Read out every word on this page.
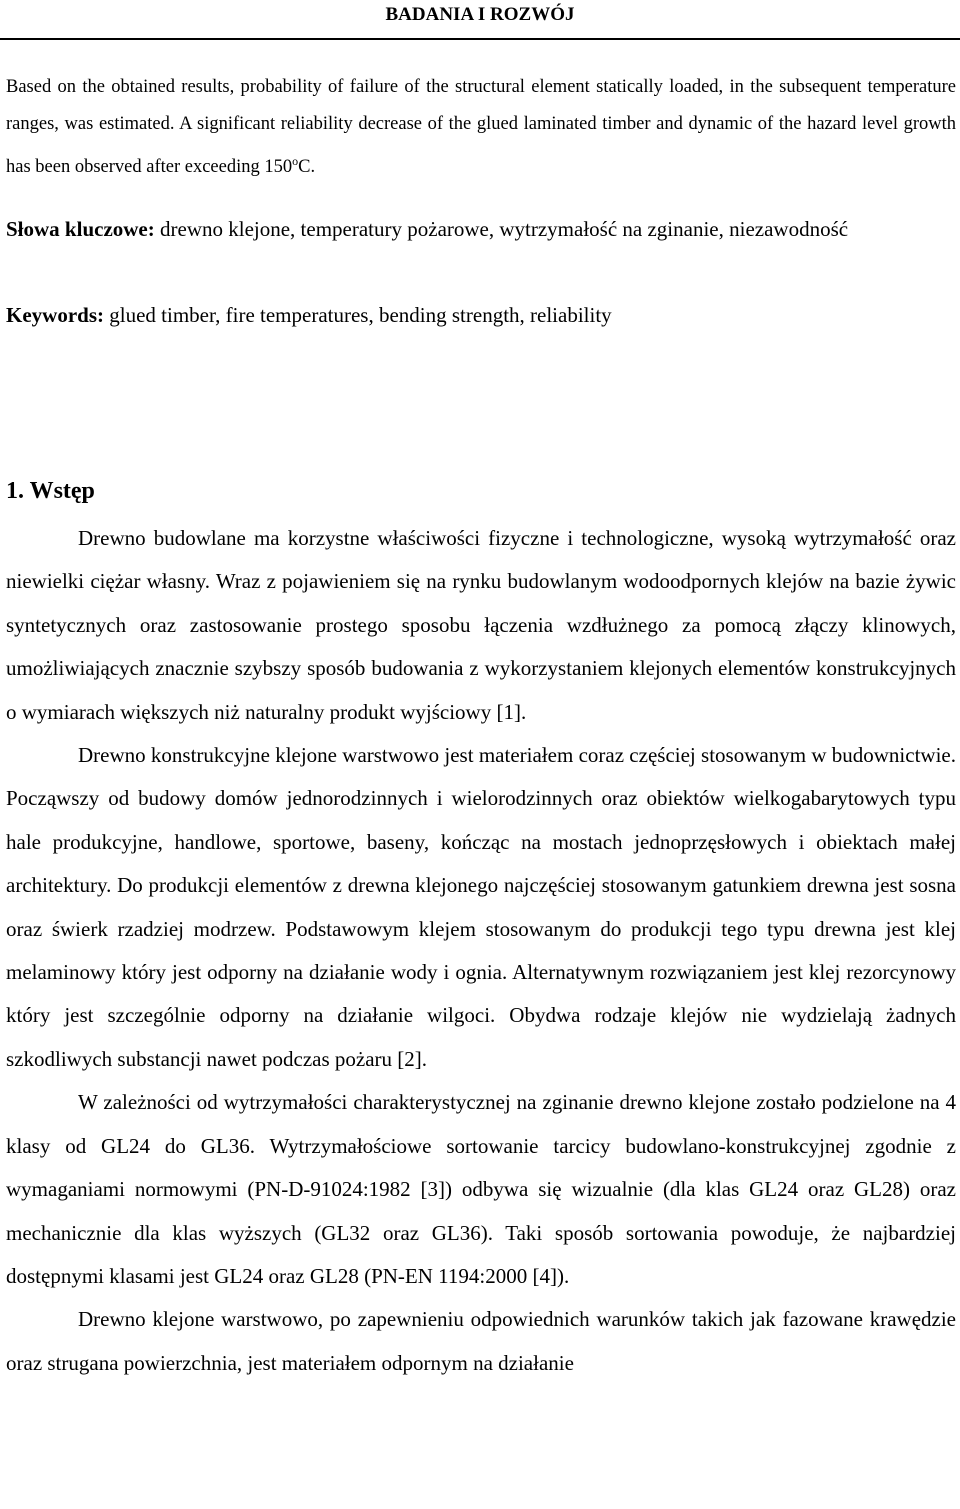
BADANIA I ROZWÓJ
Based on the obtained results, probability of failure of the structural element statically loaded, in the subsequent temperature ranges, was estimated. A significant reliability decrease of the glued laminated timber and dynamic of the hazard level growth has been observed after exceeding 150$^o$C.
Słowa kluczowe: drewno klejone, temperatury pożarowe, wytrzymałość na zginanie, niezawodność
Keywords: glued timber, fire temperatures, bending strength, reliability
1. Wstęp

Drewno budowlane ma korzystne właściwości fizyczne i technologiczne, wysoką wytrzymałość oraz niewielki ciężar własny. Wraz z pojawieniem się na rynku budowlanym wodoodpornych klejów na bazie żywic syntetycznych oraz zastosowanie prostego sposobu łączenia wzdłużnego za pomocą złączy klinowych, umożliwiających znacznie szybszy sposób budowania z wykorzystaniem klejonych elementów konstrukcyjnych o wymiarach większych niż naturalny produkt wyjściowy [1].

Drewno konstrukcyjne klejone warstwowo jest materiałem coraz częściej stosowanym w budownictwie. Począwszy od budowy domów jednorodzinnych i wielorodzinnych oraz obiektów wielkogabarytowych typu hale produkcyjne, handlowe, sportowe, baseny, kończąc na mostach jednoprzęsłowych i obiektach małej architektury. Do produkcji elementów z drewna klejonego najczęściej stosowanym gatunkiem drewna jest sosna oraz świerk rzadziej modrzew. Podstawowym klejem stosowanym do produkcji tego typu drewna jest klej melaminowy który jest odporny na działanie wody i ognia. Alternatywnym rozwiązaniem jest klej rezorcynowy który jest szczególnie odporny na działanie wilgoci. Obydwa rodzaje klejów nie wydzielają żadnych szkodliwych substancji nawet podczas pożaru [2].

W zależności od wytrzymałości charakterystycznej na zginanie drewno klejone zostało podzielone na 4 klasy od GL24 do GL36. Wytrzymałościowe sortowanie tarcicy budowlano-konstrukcyjnej zgodnie z wymaganiami normowymi (PN-D-91024:1982 [3]) odbywa się wizualnie (dla klas GL24 oraz GL28) oraz mechanicznie dla klas wyższych (GL32 oraz GL36). Taki sposób sortowania powoduje, że najbardziej dostępnymi klasami jest GL24 oraz GL28 (PN-EN 1194:2000 [4]).

Drewno klejone warstwowo, po zapewnieniu odpowiednich warunków takich jak fazowane krawędzie oraz strugana powierzchnia, jest materiałem odpornym na działanie
